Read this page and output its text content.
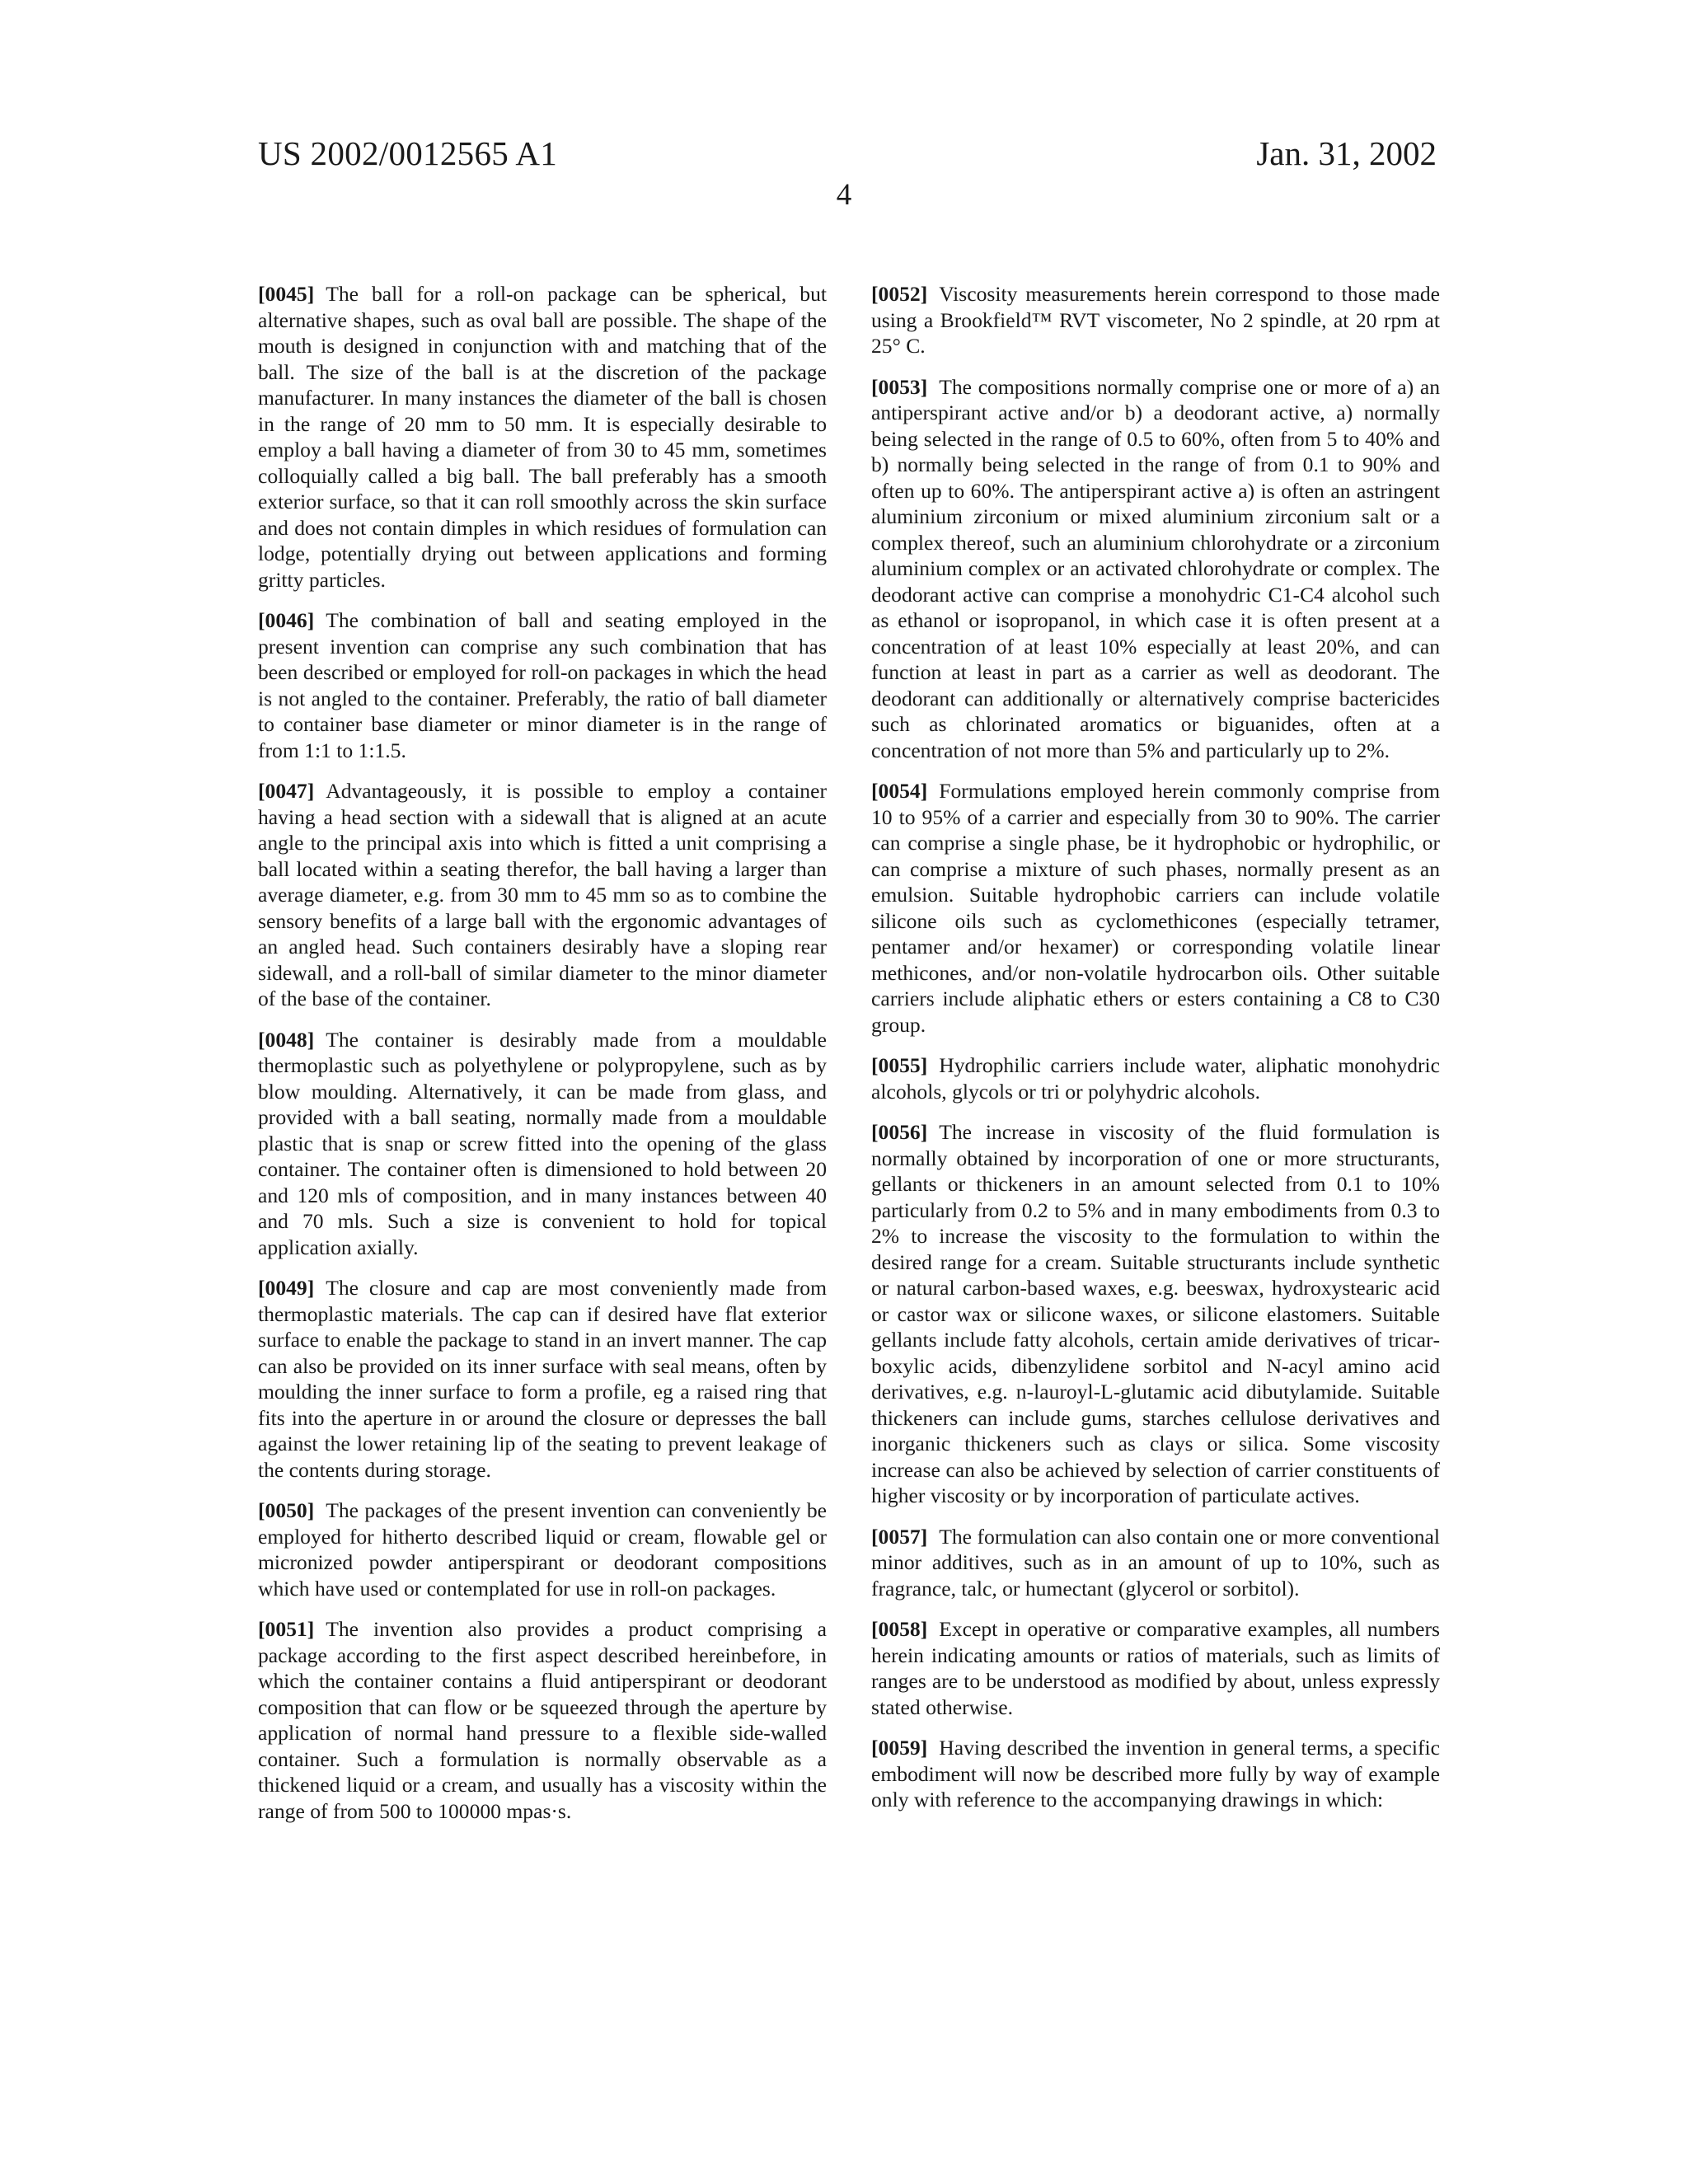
US 2002/0012565 A1	Jan. 31, 2002
4

[0045] The ball for a roll-on package can be spherical, but alternative shapes, such as oval ball are possible. The shape of the mouth is designed in conjunction with and matching that of the ball. The size of the ball is at the discretion of the package manufacturer. In many instances the diameter of the ball is chosen in the range of 20 mm to 50 mm. It is especially desirable to employ a ball having a diameter of from 30 to 45 mm, sometimes colloquially called a big ball. The ball preferably has a smooth exterior surface, so that it can roll smoothly across the skin surface and does not contain dimples in which residues of formulation can lodge, potentially drying out between applications and forming gritty particles.

[0046] The combination of ball and seating employed in the present invention can comprise any such combination that has been described or employed for roll-on packages in which the head is not angled to the container. Preferably, the ratio of ball diameter to container base diameter or minor diameter is in the range of from 1:1 to 1:1.5.

[0047] Advantageously, it is possible to employ a container having a head section with a sidewall that is aligned at an acute angle to the principal axis into which is fitted a unit comprising a ball located within a seating therefor, the ball having a larger than average diameter, e.g. from 30 mm to 45 mm so as to combine the sensory benefits of a large ball with the ergonomic advantages of an angled head. Such containers desirably have a sloping rear sidewall, and a roll-ball of similar diameter to the minor diameter of the base of the container.

[0048] The container is desirably made from a mouldable thermoplastic such as polyethylene or polypropylene, such as by blow moulding. Alternatively, it can be made from glass, and provided with a ball seating, normally made from a mouldable plastic that is snap or screw fitted into the opening of the glass container. The container often is dimensioned to hold between 20 and 120 mls of composition, and in many instances between 40 and 70 mls. Such a size is convenient to hold for topical application axially.

[0049] The closure and cap are most conveniently made from thermoplastic materials. The cap can if desired have flat exterior surface to enable the package to stand in an invert manner. The cap can also be provided on its inner surface with seal means, often by moulding the inner surface to form a profile, eg a raised ring that fits into the aperture in or around the closure or depresses the ball against the lower retaining lip of the seating to prevent leakage of the contents during storage.

[0050] The packages of the present invention can conveniently be employed for hitherto described liquid or cream, flowable gel or micronized powder antiperspirant or deodorant compositions which have used or contemplated for use in roll-on packages.

[0051] The invention also provides a product comprising a package according to the first aspect described hereinbefore, in which the container contains a fluid antiperspirant or deodorant composition that can flow or be squeezed through the aperture by application of normal hand pressure to a flexible side-walled container. Such a formulation is normally observable as a thickened liquid or a cream, and usually has a viscosity within the range of from 500 to 100000 mpas·s.

[0052] Viscosity measurements herein correspond to those made using a Brookfield™ RVT viscometer, No 2 spindle, at 20 rpm at 25° C.

[0053] The compositions normally comprise one or more of a) an antiperspirant active and/or b) a deodorant active, a) normally being selected in the range of 0.5 to 60%, often from 5 to 40% and b) normally being selected in the range of from 0.1 to 90% and often up to 60%. The antiperspirant active a) is often an astringent aluminium zirconium or mixed aluminium zirconium salt or a complex thereof, such an aluminium chlorohydrate or a zirconium aluminium complex or an activated chlorohydrate or complex. The deodorant active can comprise a monohydric C1-C4 alcohol such as ethanol or isopropanol, in which case it is often present at a concentration of at least 10% especially at least 20%, and can function at least in part as a carrier as well as deodorant. The deodorant can additionally or alternatively comprise bactericides such as chlorinated aromatics or biguanides, often at a concentration of not more than 5% and particularly up to 2%.

[0054] Formulations employed herein commonly comprise from 10 to 95% of a carrier and especially from 30 to 90%. The carrier can comprise a single phase, be it hydrophobic or hydrophilic, or can comprise a mixture of such phases, normally present as an emulsion. Suitable hydrophobic carriers can include volatile silicone oils such as cyclomethicones (especially tetramer, pentamer and/or hexamer) or corresponding volatile linear methicones, and/or non-volatile hydrocarbon oils. Other suitable carriers include aliphatic ethers or esters containing a C8 to C30 group.

[0055] Hydrophilic carriers include water, aliphatic monohydric alcohols, glycols or tri or polyhydric alcohols.

[0056] The increase in viscosity of the fluid formulation is normally obtained by incorporation of one or more structurants, gellants or thickeners in an amount selected from 0.1 to 10% particularly from 0.2 to 5% and in many embodiments from 0.3 to 2% to increase the viscosity to the formulation to within the desired range for a cream. Suitable structurants include synthetic or natural carbon-based waxes, e.g. beeswax, hydroxystearic acid or castor wax or silicone waxes, or silicone elastomers. Suitable gellants include fatty alcohols, certain amide derivatives of tricarboxylic acids, dibenzylidene sorbitol and N-acyl amino acid derivatives, e.g. n-lauroyl-L-glutamic acid dibutylamide. Suitable thickeners can include gums, starches cellulose derivatives and inorganic thickeners such as clays or silica. Some viscosity increase can also be achieved by selection of carrier constituents of higher viscosity or by incorporation of particulate actives.

[0057] The formulation can also contain one or more conventional minor additives, such as in an amount of up to 10%, such as fragrance, talc, or humectant (glycerol or sorbitol).

[0058] Except in operative or comparative examples, all numbers herein indicating amounts or ratios of materials, such as limits of ranges are to be understood as modified by about, unless expressly stated otherwise.

[0059] Having described the invention in general terms, a specific embodiment will now be described more fully by way of example only with reference to the accompanying drawings in which:
